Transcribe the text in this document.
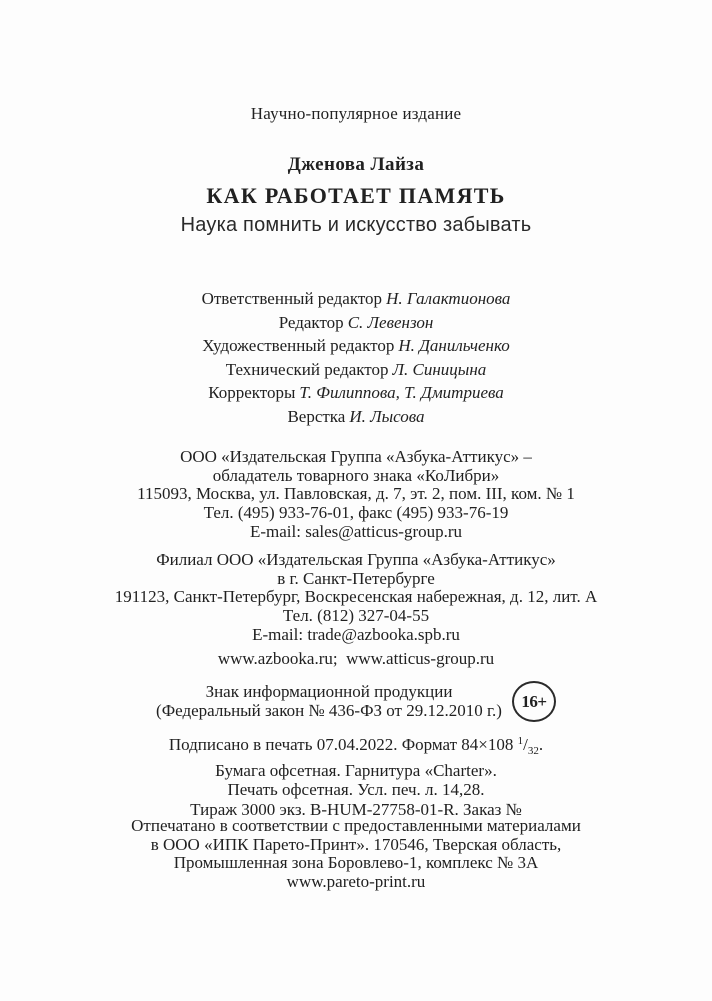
Научно-популярное издание
Дженова Лайза
КАК РАБОТАЕТ ПАМЯТЬ
Наука помнить и искусство забывать
Ответственный редактор Н. Галактионова
Редактор С. Левензон
Художественный редактор Н. Данильченко
Технический редактор Л. Синицына
Корректоры Т. Филиппова, Т. Дмитриева
Верстка И. Лысова
ООО «Издательская Группа «Азбука-Аттикус» –
обладатель товарного знака «КоЛибри»
115093, Москва, ул. Павловская, д. 7, эт. 2, пом. III, ком. № 1
Тел. (495) 933-76-01, факс (495) 933-76-19
E-mail: sales@atticus-group.ru
Филиал ООО «Издательская Группа «Азбука-Аттикус»
в г. Санкт-Петербурге
191123, Санкт-Петербург, Воскресенская набережная, д. 12, лит. А
Тел. (812) 327-04-55
E-mail: trade@azbooka.spb.ru
www.azbooka.ru;  www.atticus-group.ru
Знак информационной продукции
(Федеральный закон № 436-ФЗ от 29.12.2010 г.)	16+
Подписано в печать 07.04.2022. Формат 84×108 $^1/_{32}$.
Бумага офсетная. Гарнитура «Charter».
Печать офсетная. Усл. печ. л. 14,28.
Тираж 3000 экз. B-HUM-27758-01-R. Заказ №
Отпечатано в соответствии с предоставленными материалами
в ООО «ИПК Парето-Принт». 170546, Тверская область,
Промышленная зона Боровлево-1, комплекс № 3А
www.pareto-print.ru
